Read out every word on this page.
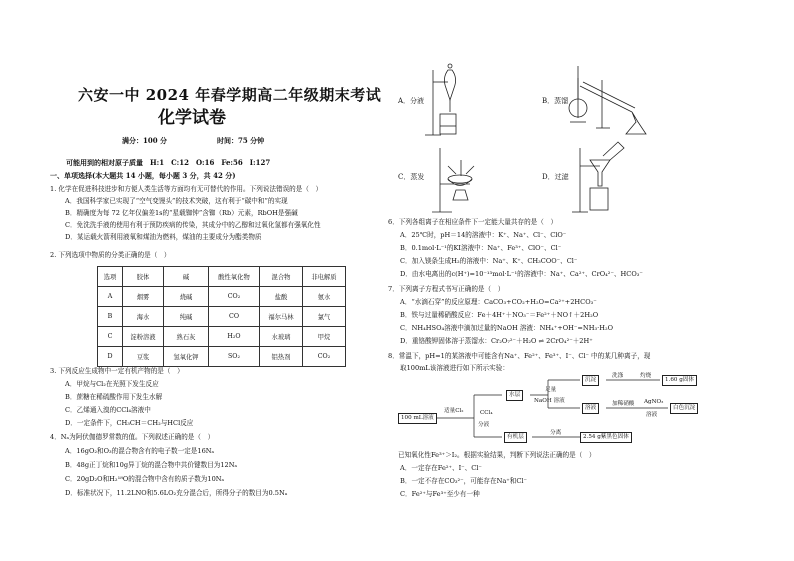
六安一中 2024 年春学期高二年级期末考试
化学试卷
满分：100 分	时间：75 分钟
可能用到的相对原子质量　H:1　C:12　O:16　Fe:56　I:127
一、单项选择(本大题共 14 小题，每小题 3 分，共 42 分)
1. 化学在促进科技进步和方便人类生活等方面均有无可替代的作用。下列说法错误的是（　）
A．我国科学家已实现了“空气变馒头”的技术突破，这有利于“碳中和”的实现
B．精确度为每 72 亿年仅偏差1s的“星载铷钟”含铷（Rb）元素，RbOH是强碱
C．免洗洗手液的使用有利于预防疾病的传染，其成分中的乙醇和过氧化氢都有强氧化性
D．某运载火箭利用液氧和煤油为燃料，煤油的主要成分为酯类物质
2. 下列选项中物质的分类正确的是（　）
选项	胶体	碱	酸性氧化物	混合物	非电解质
A	烟雾	烧碱	CO₂	盐酸	氨水
B	海水	纯碱	CO	福尔马林	氯气
C	淀粉溶液	熟石灰	H₂O	水玻璃	甲烷
D	豆浆	氢氧化钾	SO₂	铝热剂	CO₂
3. 下列反应生成物中一定有机产物的是（　）
A．甲烷与Cl₂在光照下发生反应
B．蔗糖在稀硫酸作用下发生水解
C．乙烯通入溴的CCl₄溶液中
D．一定条件下，CH₃CH＝CH₂与HCl反应
4．Nₐ为阿伏伽德罗常数的值。下列叙述正确的是（　）
A．16gO₂和O₃的混合物含有的电子数一定是16Nₐ
B．48g正丁烷和10g异丁烷的混合物中共价键数目为12Nₐ
C．20gD₂O和H₂¹⁸O的混合物中含有的质子数为10Nₐ
D．标准状况下，11.2LNO和5.6LO₂充分混合后，所得分子的数目为0.5Nₐ
A．分液	B．蒸馏
C．蒸发	D．过滤
6．下列各组离子在相应条件下一定能大量共存的是（　）
A．25℃时，pH＝14的溶液中：K⁺、Na⁺、Cl⁻、ClO⁻
B．0.1mol·L⁻¹的KI溶液中：Na⁺、Fe³⁺、ClO⁻、Cl⁻
C．加入镁条生成H₂的溶液中：Na⁺、K⁺、CH₃COO⁻、Cl⁻
D．由水电离出的c(H⁺)=10⁻¹³mol·L⁻¹的溶液中：Na⁺、Ca²⁺、CrO₄²⁻、HCO₃⁻
7．下列离子方程式书写正确的是（　）
A．“水滴石穿”的反应原理：CaCO₃+CO₂+H₂O=Ca²⁺+2HCO₃⁻
B．铁与过量稀硝酸反应：Fe＋4H⁺＋NO₃⁻＝Fe²⁺＋NO↑＋2H₂O
C．NH₄HSO₄溶液中滴加过量的NaOH 溶液：NH₄⁺+OH⁻=NH₃·H₂O
D．重铬酸钾固体溶于蒸馏水：Cr₂O₇²⁻＋H₂O ⇌ 2CrO₄²⁻＋2H⁺
8．常温下，pH=1的某溶液中可能含有Na⁺、Fe²⁺、Fe³⁺、I⁻、Cl⁻ 中的某几种离子，现
取100mL该溶液进行如下所示实验：
100 mL溶液
适量Cl₂	CCl₄
分液
水层
足量
NaOH 溶液
沉淀
洗涤	灼烧
1.60 g固体
溶液
加稀硝酸 AgNO₃
溶液
白色沉淀
有机层
分离
2.54 g紫黑色固体
已知氧化性Fe³⁺＞I₂。根据实验结果，判断下列说法正确的是（　）
A．一定存在Fe²⁺、I⁻、Cl⁻
B．一定不存在CO₃²⁻，可能存在Na⁺和Cl⁻
C．Fe²⁺与Fe³⁺至少有一种
